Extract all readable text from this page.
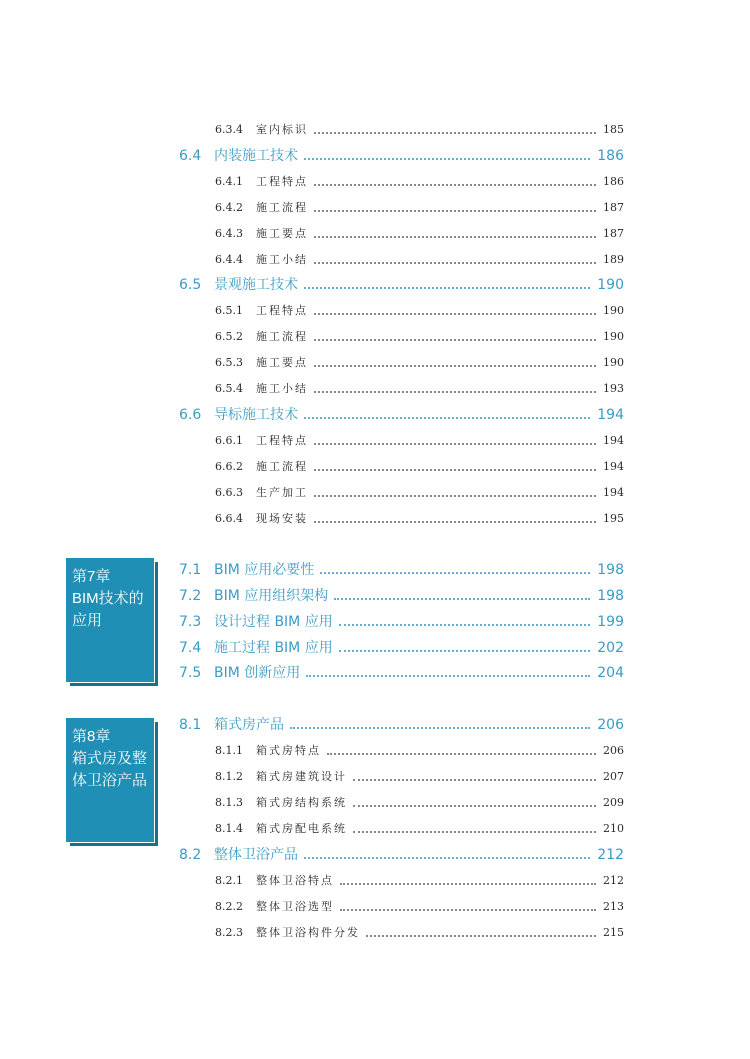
6.3.4 室内标识	185
6.4 内装施工技术	186
6.4.1 工程特点	186
6.4.2 施工流程	187
6.4.3 施工要点	187
6.4.4 施工小结	189
6.5 景观施工技术	190
6.5.1 工程特点	190
6.5.2 施工流程	190
6.5.3 施工要点	190
6.5.4 施工小结	193
6.6 导标施工技术	194
6.6.1 工程特点	194
6.6.2 施工流程	194
6.6.3 生产加工	194
6.6.4 现场安装	195
7.1 BIM 应用必要性	198
7.2 BIM 应用组织架构	198
7.3 设计过程 BIM 应用	199
7.4 施工过程 BIM 应用	202
7.5 BIM 创新应用	204
8.1 箱式房产品	206
8.1.1 箱式房特点	206
8.1.2 箱式房建筑设计	207
8.1.3 箱式房结构系统	209
8.1.4 箱式房配电系统	210
8.2 整体卫浴产品	212
8.2.1 整体卫浴特点	212
8.2.2 整体卫浴选型	213
8.2.3 整体卫浴构件分发	215
第7章
BIM技术的
应用
第8章
箱式房及整
体卫浴产品
